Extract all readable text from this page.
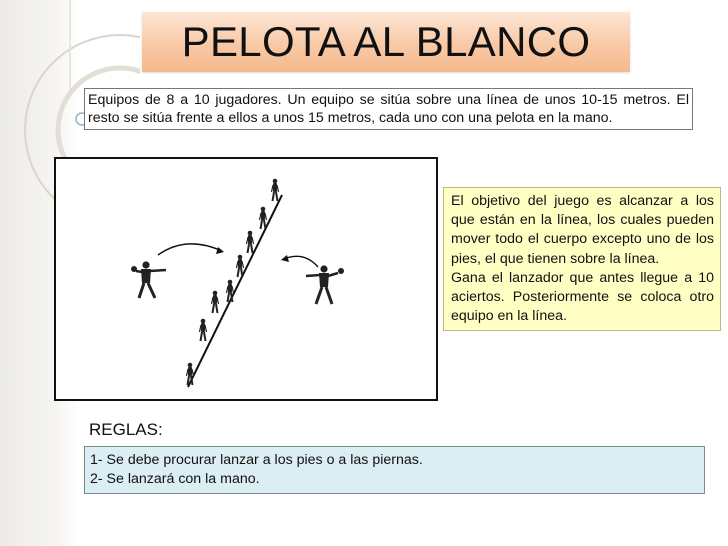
PELOTA AL BLANCO
Equipos de 8 a 10 jugadores. Un equipo se sitúa sobre una línea de unos 10-15 metros. El resto se sitúa frente a ellos a unos 15 metros, cada uno con una pelota en la mano.
El objetivo del juego es alcanzar a los que están en la línea, los cuales pueden mover todo el cuerpo excepto uno de los pies, el que tienen sobre la línea.
Gana el lanzador que antes llegue a 10 aciertos. Posteriormente se coloca otro equipo en la línea.
REGLAS:
1- Se debe procurar lanzar a los pies o a las piernas.
2- Se lanzará con la mano.
